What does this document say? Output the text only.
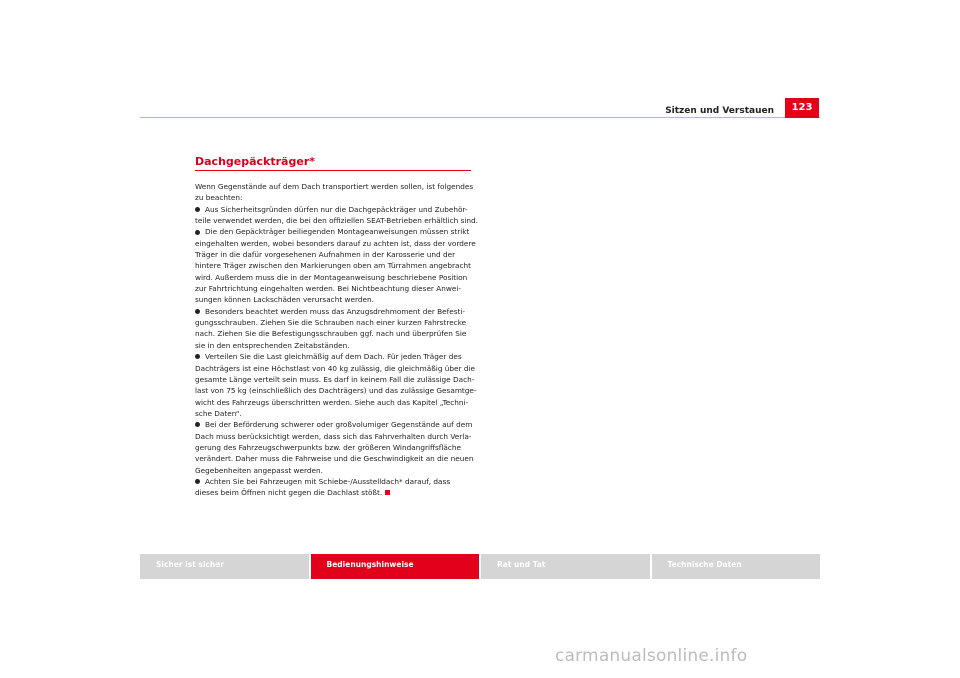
Sitzen und Verstauen	123
Dachgepäckträger*

Wenn Gegenstände auf dem Dach transportiert werden sollen, ist folgendes

zu beachten:

Aus Sicherheitsgründen dürfen nur die Dachgepäckträger und Zubehör-

teile verwendet werden, die bei den offiziellen SEAT-Betrieben erhältlich sind.

Die den Gepäckträger beiliegenden Montageanweisungen müssen strikt

eingehalten werden, wobei besonders darauf zu achten ist, dass der vordere

Träger in die dafür vorgesehenen Aufnahmen in der Karosserie und der

hintere Träger zwischen den Markierungen oben am Türrahmen angebracht

wird. Außerdem muss die in der Montageanweisung beschriebene Position

zur Fahrtrichtung eingehalten werden. Bei Nichtbeachtung dieser Anwei-

sungen können Lackschäden verursacht werden.

Besonders beachtet werden muss das Anzugsdrehmoment der Befesti-

gungsschrauben. Ziehen Sie die Schrauben nach einer kurzen Fahrstrecke

nach. Ziehen Sie die Befestigungsschrauben ggf. nach und überprüfen Sie

sie in den entsprechenden Zeitabständen.

Verteilen Sie die Last gleichmäßig auf dem Dach. Für jeden Träger des

Dachträgers ist eine Höchstlast von 40 kg zulässig, die gleichmäßig über die

gesamte Länge verteilt sein muss. Es darf in keinem Fall die zulässige Dach-

last von 75 kg (einschließlich des Dachträgers) und das zulässige Gesamtge-

wicht des Fahrzeugs überschritten werden. Siehe auch das Kapitel „Techni-

sche Daten“.

Bei der Beförderung schwerer oder großvolumiger Gegenstände auf dem

Dach muss berücksichtigt werden, dass sich das Fahrverhalten durch Verla-

gerung des Fahrzeugschwerpunkts bzw. der größeren Windangriffsfläche

verändert. Daher muss die Fahrweise und die Geschwindigkeit an die neuen

Gegebenheiten angepasst werden.

Achten Sie bei Fahrzeugen mit Schiebe-/Ausstelldach* darauf, dass

dieses beim Öffnen nicht gegen die Dachlast stößt.

Sicher ist sicher	Bedienungshinweise	Rat und Tat	Technische Daten
carmanualsonline.info
